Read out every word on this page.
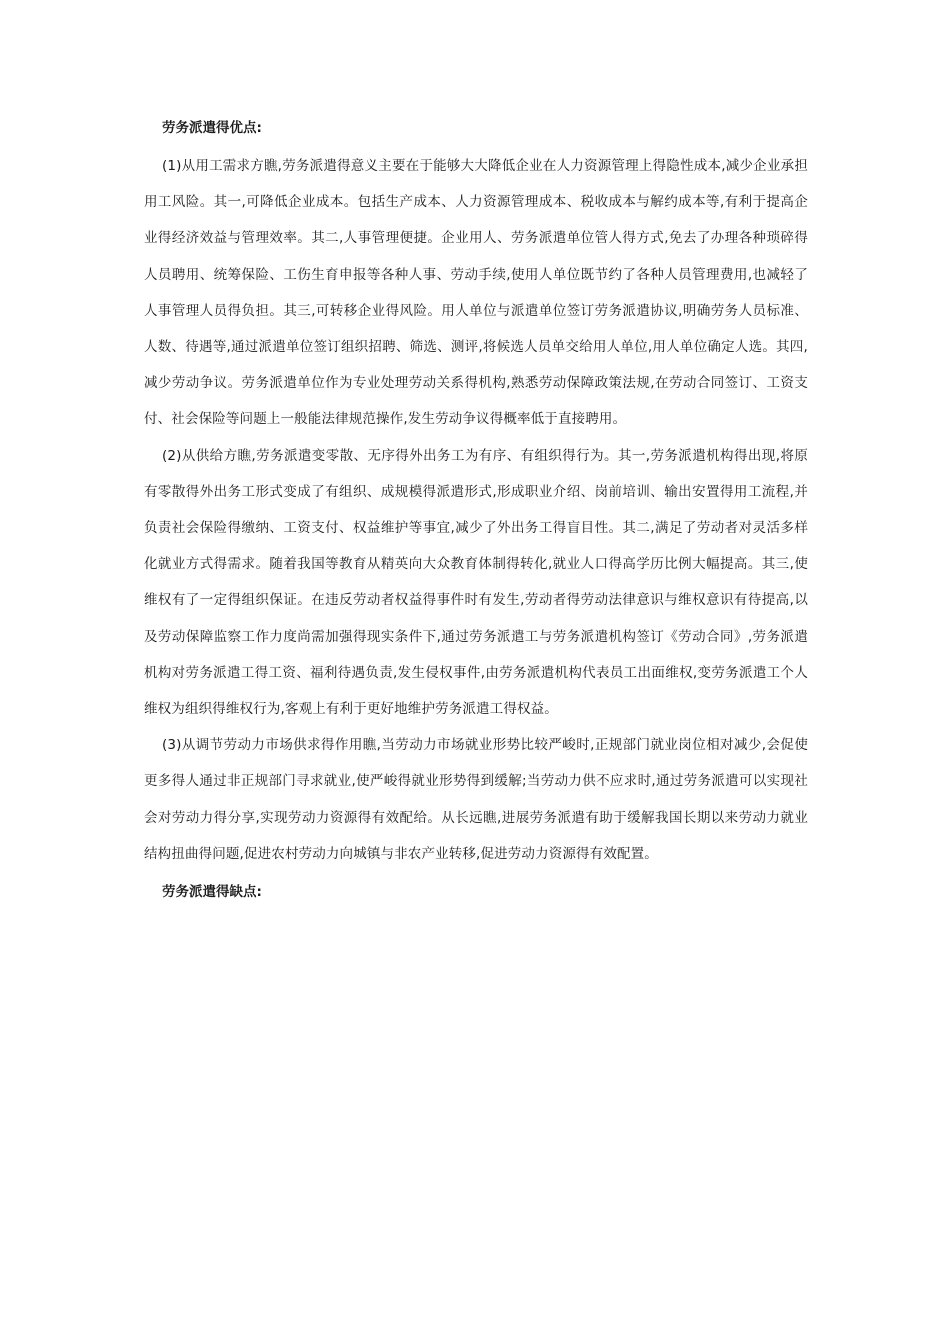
劳务派遣得优点:

(1)从用工需求方瞧,劳务派遣得意义主要在于能够大大降低企业在人力资源管理上得隐性成本,减少企业承担用工风险。其一,可降低企业成本。包括生产成本、人力资源管理成本、税收成本与解约成本等,有利于提高企业得经济效益与管理效率。其二,人事管理便捷。企业用人、劳务派遣单位管人得方式,免去了办理各种琐碎得人员聘用、统筹保险、工伤生育申报等各种人事、劳动手续,使用人单位既节约了各种人员管理费用,也减轻了人事管理人员得负担。其三,可转移企业得风险。用人单位与派遣单位签订劳务派遣协议,明确劳务人员标准、人数、待遇等,通过派遣单位签订组织招聘、筛选、测评,将候选人员单交给用人单位,用人单位确定人选。其四,减少劳动争议。劳务派遣单位作为专业处理劳动关系得机构,熟悉劳动保障政策法规,在劳动合同签订、工资支付、社会保险等问题上一般能法律规范操作,发生劳动争议得概率低于直接聘用。

(2)从供给方瞧,劳务派遣变零散、无序得外出务工为有序、有组织得行为。其一,劳务派遣机构得出现,将原有零散得外出务工形式变成了有组织、成规模得派遣形式,形成职业介绍、岗前培训、输出安置得用工流程,并负责社会保险得缴纳、工资支付、权益维护等事宜,减少了外出务工得盲目性。其二,满足了劳动者对灵活多样化就业方式得需求。随着我国等教育从精英向大众教育体制得转化,就业人口得高学历比例大幅提高。其三,使维权有了一定得组织保证。在违反劳动者权益得事件时有发生,劳动者得劳动法律意识与维权意识有待提高,以及劳动保障监察工作力度尚需加强得现实条件下,通过劳务派遣工与劳务派遣机构签订《劳动合同》,劳务派遣机构对劳务派遣工得工资、福利待遇负责,发生侵权事件,由劳务派遣机构代表员工出面维权,变劳务派遣工个人维权为组织得维权行为,客观上有利于更好地维护劳务派遣工得权益。

(3)从调节劳动力市场供求得作用瞧,当劳动力市场就业形势比较严峻时,正规部门就业岗位相对减少,会促使更多得人通过非正规部门寻求就业,使严峻得就业形势得到缓解;当劳动力供不应求时,通过劳务派遣可以实现社会对劳动力得分享,实现劳动力资源得有效配给。从长远瞧,进展劳务派遣有助于缓解我国长期以来劳动力就业结构扭曲得问题,促进农村劳动力向城镇与非农产业转移,促进劳动力资源得有效配置。

劳务派遣得缺点:
